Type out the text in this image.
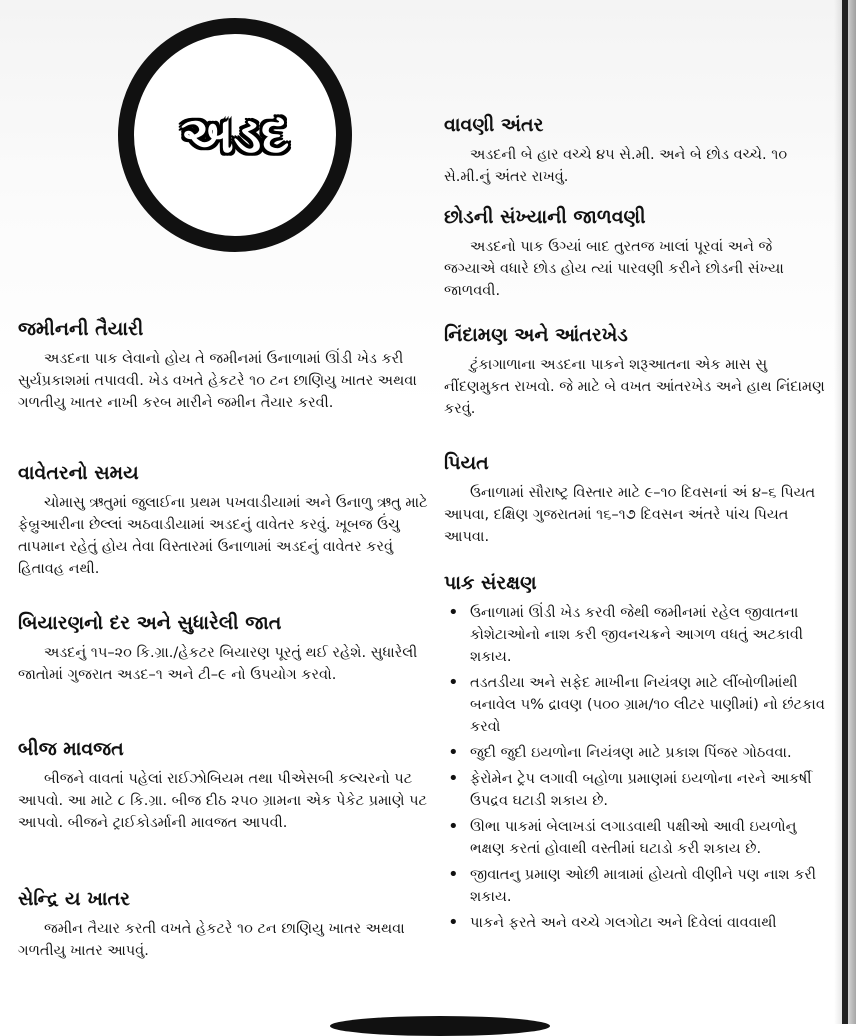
અડદ
જમીનની તૈયારી

અડદના પાક લેવાનો હોય તે જમીનમાં ઉનાળામાં ઊંડી ખેડ કરી સુર્યપ્રકાશમાં તપાવવી. ખેડ વખતે હેકટરે ૧૦ ટન છાણિયુ ખાતર અથવા ગળતીયુ ખાતર નાખી કરબ મારીને જમીન તૈયાર કરવી.

વાવેતરનો સમય

ચોમાસુ ઋતુમાં જુલાઈના પ્રથમ પખવાડીયામાં અને ઉનાળુ ઋતુ માટે ફેબ્રુઆરીના છેલ્લાં અઠવાડીયામાં અડદનું વાવેતર કરવું. ખૂબજ ઉંચુ તાપમાન રહેતું હોય તેવા વિસ્તારમાં ઉનાળામાં અડદનું વાવેતર કરવું હિતાવહ નથી.

બિયારણનો દર અને સુધારેલી જાત

અડદનું ૧૫–૨૦ કિ.ગ્રા./હેકટર બિયારણ પૂરતું થઈ રહેશે. સુધારેલી જાતોમાં ગુજરાત અડદ–૧ અને ટી–૯ નો ઉપયોગ કરવો.

બીજ માવજત

બીજને વાવતાં પહેલાં રાઈઝોબિયમ તથા પીએસબી કલ્ચરનો પટ આપવો. આ માટે ૮ કિ.ગ્રા. બીજ દીઠ ૨૫૦ ગ્રામના એક પેકેટ પ્રમાણે પટ આપવો. બીજને ટ્રાઈકોડર્માની માવજત આપવી.

સેન્દ્રિ ય ખાતર

જમીન તૈયાર કરતી વખતે હેકટરે ૧૦ ટન છાણિયુ ખાતર અથવા ગળતીયુ ખાતર આપવું.

વાવણી અંતર

અડદની બે હાર વચ્ચે ૪૫ સે.મી. અને બે છોડ વચ્ચે. ૧૦ સે.મી.નું અંતર રાખવું.

છોડની સંખ્યાની જાળવણી

અડદનો પાક ઉગ્યાં બાદ તુરતજ ખાલાં પૂરવાં અને જે જગ્યાએ વધારે છોડ હોય ત્યાં પારવણી કરીને છોડની સંખ્યા જાળવવી.

નિંદામણ અને આંતરખેડ

ટુંકાગાળાના અડદના પાકને શરૂઆતના એક માસ સુ નીંદણમુકત રાખવો. જે માટે બે વખત આંતરખેડ અને હાથ નિંદામણ કરવું.

પિયત

ઉનાળામાં સૌરાષ્ટ્ર વિસ્તાર માટે ૯–૧૦ દિવસનાં અં ૪–૬ પિયત આપવા, દક્ષિણ ગુજરાતમાં ૧૬–૧૭ દિવસન અંતરે પાંચ પિયત આપવા.

પાક સંરક્ષણ
• ઉનાળામાં ઊંડી ખેડ કરવી જેથી જમીનમાં રહેલ જીવાતના કોશેટાઓનો નાશ કરી જીવનચક્રને આગળ વધતું અટકાવી શકાય.
• તડતડીયા અને સફેદ માખીના નિયંત્રણ માટે લીંબોળીમાંથી બનાવેલ ૫% દ્રાવણ (૫૦૦ ગ્રામ/૧૦ લીટર પાણીમાં) નો છંટકાવ કરવો
• જુદી જુદી ઇયળોના નિયંત્રણ માટે પ્રકાશ પિંજર ગોઠવવા.
• ફેરોમેન ટ્રેપ લગાવી બહોળા પ્રમાણમાં ઇયળોના નરને આકર્ષી ઉપદ્રવ ઘટાડી શકાય છે.
• ઊભા પાકમાં બેલાખડાં લગાડવાથી પક્ષીઓ આવી ઇયળોનુ ભક્ષણ કરતાં હોવાથી વસ્તીમાં ઘટાડો કરી શકાય છે.
• જીવાતનુ પ્રમાણ ઓછી માત્રામાં હોયતો વીણીને પણ નાશ કરી શકાય.
• પાકને ફરતે અને વચ્ચે ગલગોટા અને દિવેલાં વાવવાથી
